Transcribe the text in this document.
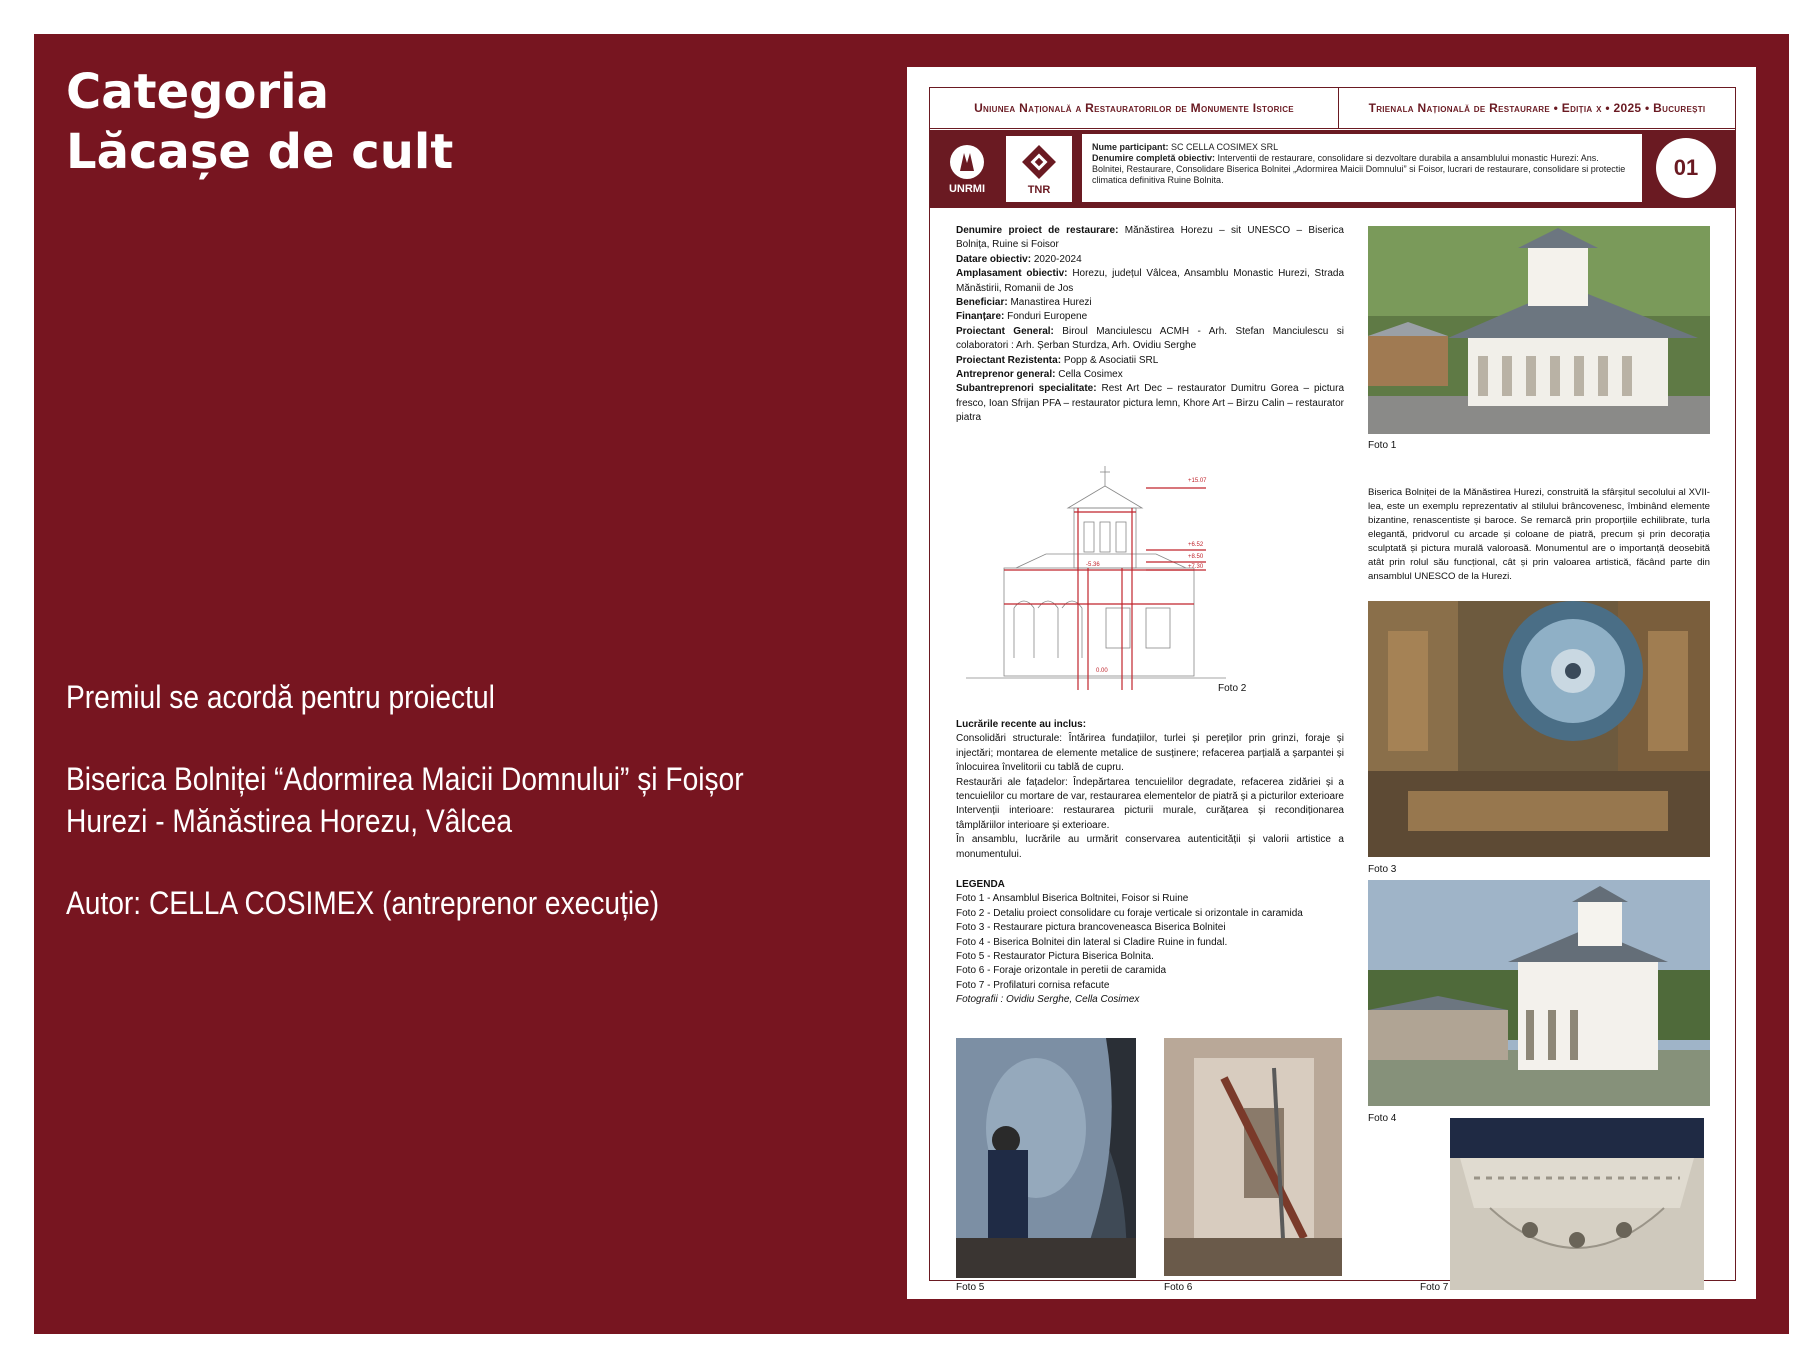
Categoria
Lăcașe de cult

Premiul se acordă pentru proiectul

Biserica Bolniței “Adormirea Maicii Domnului” și Foișor Hurezi - Mănăstirea Horezu, Vâlcea

Autor: CELLA COSIMEX (antreprenor execuție)

Uniunea Națională a Restauratorilor de Monumente Istorice	Trienala Națională de Restaurare • Ediția x • 2025 • București
UNRMI	TNR
Nume participant: SC CELLA COSIMEX SRL
Denumire completă obiectiv: Interventii de restaurare, consolidare si dezvoltare durabila a ansamblului monastic Hurezi: Ans. Bolnitei, Restaurare, Consolidare Biserica Bolnitei „Adormirea Maicii Domnului” si Foisor, lucrari de restaurare, consolidare si protectie climatica definitiva Ruine Bolnita.	01

Denumire proiect de restaurare: Mănăstirea Horezu – sit UNESCO – Biserica Bolnița, Ruine si Foisor

Datare obiectiv: 2020-2024

Amplasament obiectiv: Horezu, județul Vâlcea, Ansamblu Monastic Hurezi, Strada Mănăstirii, Romanii de Jos

Beneficiar: Manastirea Hurezi

Finanțare: Fonduri Europene

Proiectant General: Biroul Manciulescu ACMH - Arh. Stefan Manciulescu si colaboratori : Arh. Șerban Sturdza, Arh. Ovidiu Serghe

Proiectant Rezistenta: Popp & Asociatii SRL

Antreprenor general: Cella Cosimex

Subantreprenori specialitate: Rest Art Dec – restaurator Dumitru Gorea – pictura fresco, Ioan Sfrijan PFA – restaurator pictura lemn, Khore Art – Birzu Calin – restaurator piatra

+15.07
+6.52
+8.50
+7.30
-5.36
0.00
Foto 2

Lucrările recente au inclus:

Consolidări structurale: Întărirea fundațiilor, turlei și pereților prin grinzi, foraje și injectări; montarea de elemente metalice de susținere; refacerea parțială a șarpantei și înlocuirea învelitorii cu tablă de cupru.

Restaurări ale fațadelor: Îndepărtarea tencuielilor degradate, refacerea zidăriei și a tencuielilor cu mortare de var, restaurarea elementelor de piatră și a picturilor exterioare

Intervenții interioare: restaurarea picturii murale, curățarea și recondiționarea tâmplăriilor interioare și exterioare.

În ansamblu, lucrările au urmărit conservarea autenticității și valorii artistice a monumentului.

LEGENDA

Foto 1 - Ansamblul Biserica Boltnitei, Foisor si Ruine

Foto 2 - Detaliu proiect consolidare cu foraje verticale si orizontale in caramida

Foto 3 - Restaurare pictura brancoveneasca Biserica Bolnitei

Foto 4 - Biserica Bolnitei din lateral si Cladire Ruine in fundal.

Foto 5 - Restaurator Pictura Biserica Bolnita.

Foto 6 - Foraje orizontale in peretii de caramida

Foto 7 - Profilaturi cornisa refacute

Fotografii : Ovidiu Serghe, Cella Cosimex

Foto 1
Biserica Bolniței de la Mănăstirea Hurezi, construită la sfârșitul secolului al XVII-lea, este un exemplu reprezentativ al stilului brâncovenesc, îmbinând elemente bizantine, renascentiste și baroce. Se remarcă prin proporțiile echilibrate, turla elegantă, pridvorul cu arcade și coloane de piatră, precum și prin decorația sculptată și pictura murală valoroasă. Monumentul are o importanță deosebită atât prin rolul său funcțional, cât și prin valoarea artistică, făcând parte din ansamblul UNESCO de la Hurezi.
Foto 3
Foto 4
Foto 5	Foto 6	Foto 7
